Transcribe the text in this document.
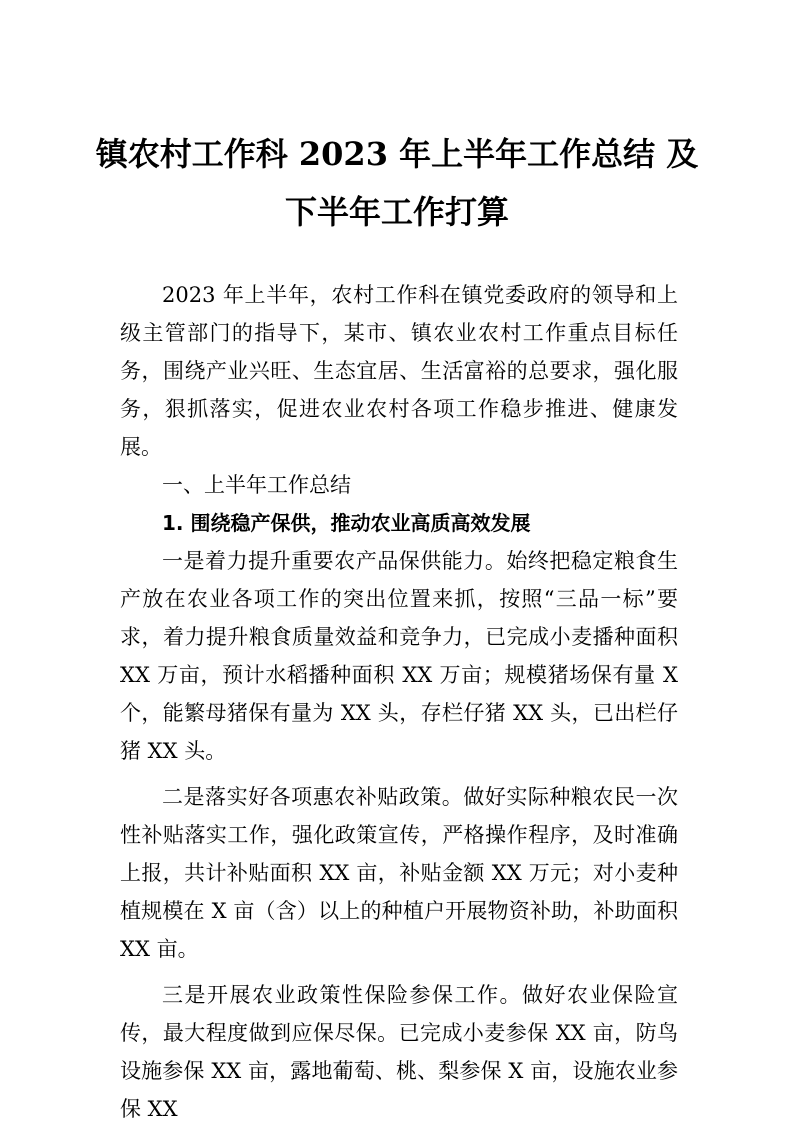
镇农村工作科 2023 年上半年工作总结 及
下半年工作打算

2023 年上半年，农村工作科在镇党委政府的领导和上级主管部门的指导下，某市、镇农业农村工作重点目标任务，围绕产业兴旺、生态宜居、生活富裕的总要求，强化服务，狠抓落实，促进农业农村各项工作稳步推进、健康发展。

一、上半年工作总结

1. 围绕稳产保供，推动农业高质高效发展

一是着力提升重要农产品保供能力。始终把稳定粮食生产放在农业各项工作的突出位置来抓，按照“三品一标”要求，着力提升粮食质量效益和竞争力，已完成小麦播种面积 XX 万亩，预计水稻播种面积 XX 万亩；规模猪场保有量 X 个，能繁母猪保有量为 XX 头，存栏仔猪 XX 头，已出栏仔猪 XX 头。

二是落实好各项惠农补贴政策。做好实际种粮农民一次性补贴落实工作，强化政策宣传，严格操作程序，及时准确上报，共计补贴面积 XX 亩，补贴金额 XX 万元；对小麦种植规模在 X 亩（含）以上的种植户开展物资补助，补助面积 XX 亩。

三是开展农业政策性保险参保工作。做好农业保险宣传，最大程度做到应保尽保。已完成小麦参保 XX 亩，防鸟设施参保 XX 亩，露地葡萄、桃、梨参保 X 亩，设施农业参保 XX
